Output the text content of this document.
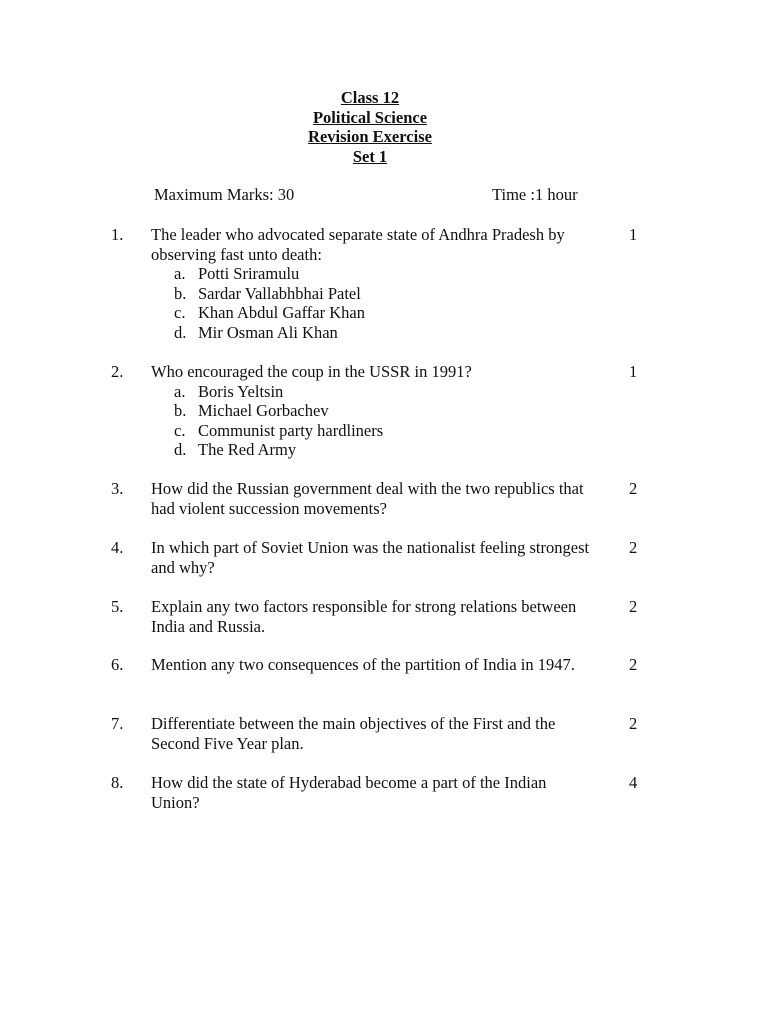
Class 12
Political Science
Revision Exercise
Set 1
Maximum Marks: 30	Time :1 hour
1. The leader who advocated separate state of Andhra Pradesh by observing fast unto death:
a. Potti Sriramulu
b. Sardar Vallabhbhai Patel
c. Khan Abdul Gaffar Khan
d. Mir Osman Ali Khan
1
2. Who encouraged the coup in the USSR in 1991?
a. Boris Yeltsin
b. Michael Gorbachev
c. Communist party hardliners
d. The Red Army
1
3. How did the Russian government deal with the two republics that had violent succession movements?
2
4. In which part of Soviet Union was the nationalist feeling strongest and why?
2
5. Explain any two factors responsible for strong relations between India and Russia.
2
6. Mention any two consequences of the partition of India in 1947.	2
7. Differentiate between the main objectives of the First and the Second Five Year plan.
2
8. How did the state of Hyderabad become a part of the Indian Union?
4
